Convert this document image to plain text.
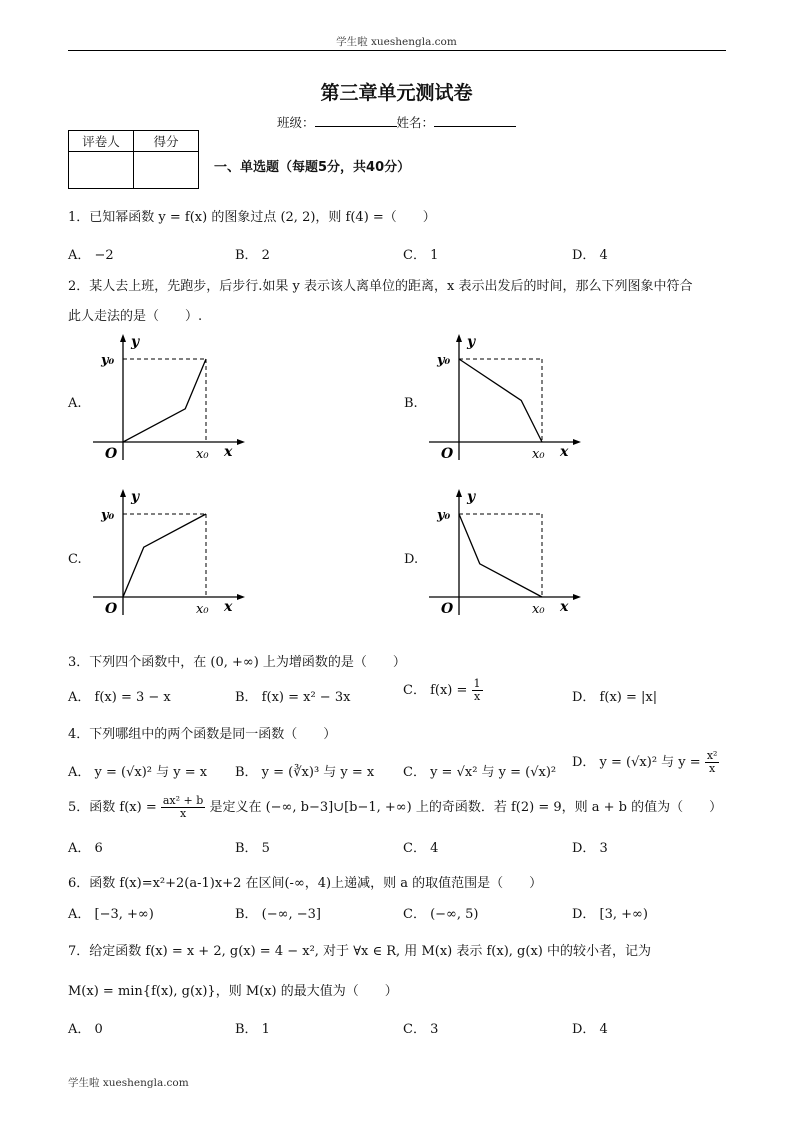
学生啦 xueshengla.com
第三章单元测试卷
班级：	姓名：
评卷人	得分

一、单选题（每题5分，共40分）
1．已知幂函数 y = f(x) 的图象过点 (2, 2)，则 f(4) =（　　）
A． −2	B． 2	C． 1	D． 4
2．某人去上班，先跑步，后步行.如果 y 表示该人离单位的距离，x 表示出发后的时间，那么下列图象中符合
此人走法的是（　　）.
A.	B.
C.	D.
y
y₀
O	x₀ x
y
y₀
O	x₀ x
y
y₀
O	x₀ x
y
y₀
O	x₀ x
3．下列四个函数中，在 (0, +∞) 上为增函数的是（　　）
A． f(x) = 3 − x	B． f(x) = x² − 3x	C． $f(x) = \frac{1}{x}$	D． f(x) = |x|
4．下列哪组中的两个函数是同一函数（　　）
A． y = (√x)² 与 y = x B． y = (∛x)³ 与 y = x C． y = √x² 与 y = (√x)²
D． y = (√x)² 与 $y = \frac{\text{x²}}{x}$
5．函数 $f(x) = \frac{\text{ax² + b}}{x}$ 是定义在 (−∞, b−3]∪[b−1, +∞) 上的奇函数．若 f(2) = 9，则 a + b 的值为（　　）
A． 6	B． 5	C． 4	D． 3
6．函数 f(x)=x²+2(a-1)x+2 在区间(-∞，4)上递减，则 a 的取值范围是（　　）
A． [−3, +∞)	B． (−∞, −3]	C． (−∞, 5)	D． [3, +∞)
7．给定函数 f(x) = x + 2, g(x) = 4 − x², 对于 ∀x ∈ R, 用 M(x) 表示 f(x), g(x) 中的较小者，记为
M(x) = min{f(x), g(x)}，则 M(x) 的最大值为（　　）
A． 0	B． 1	C． 3	D． 4
学生啦 xueshengla.com
